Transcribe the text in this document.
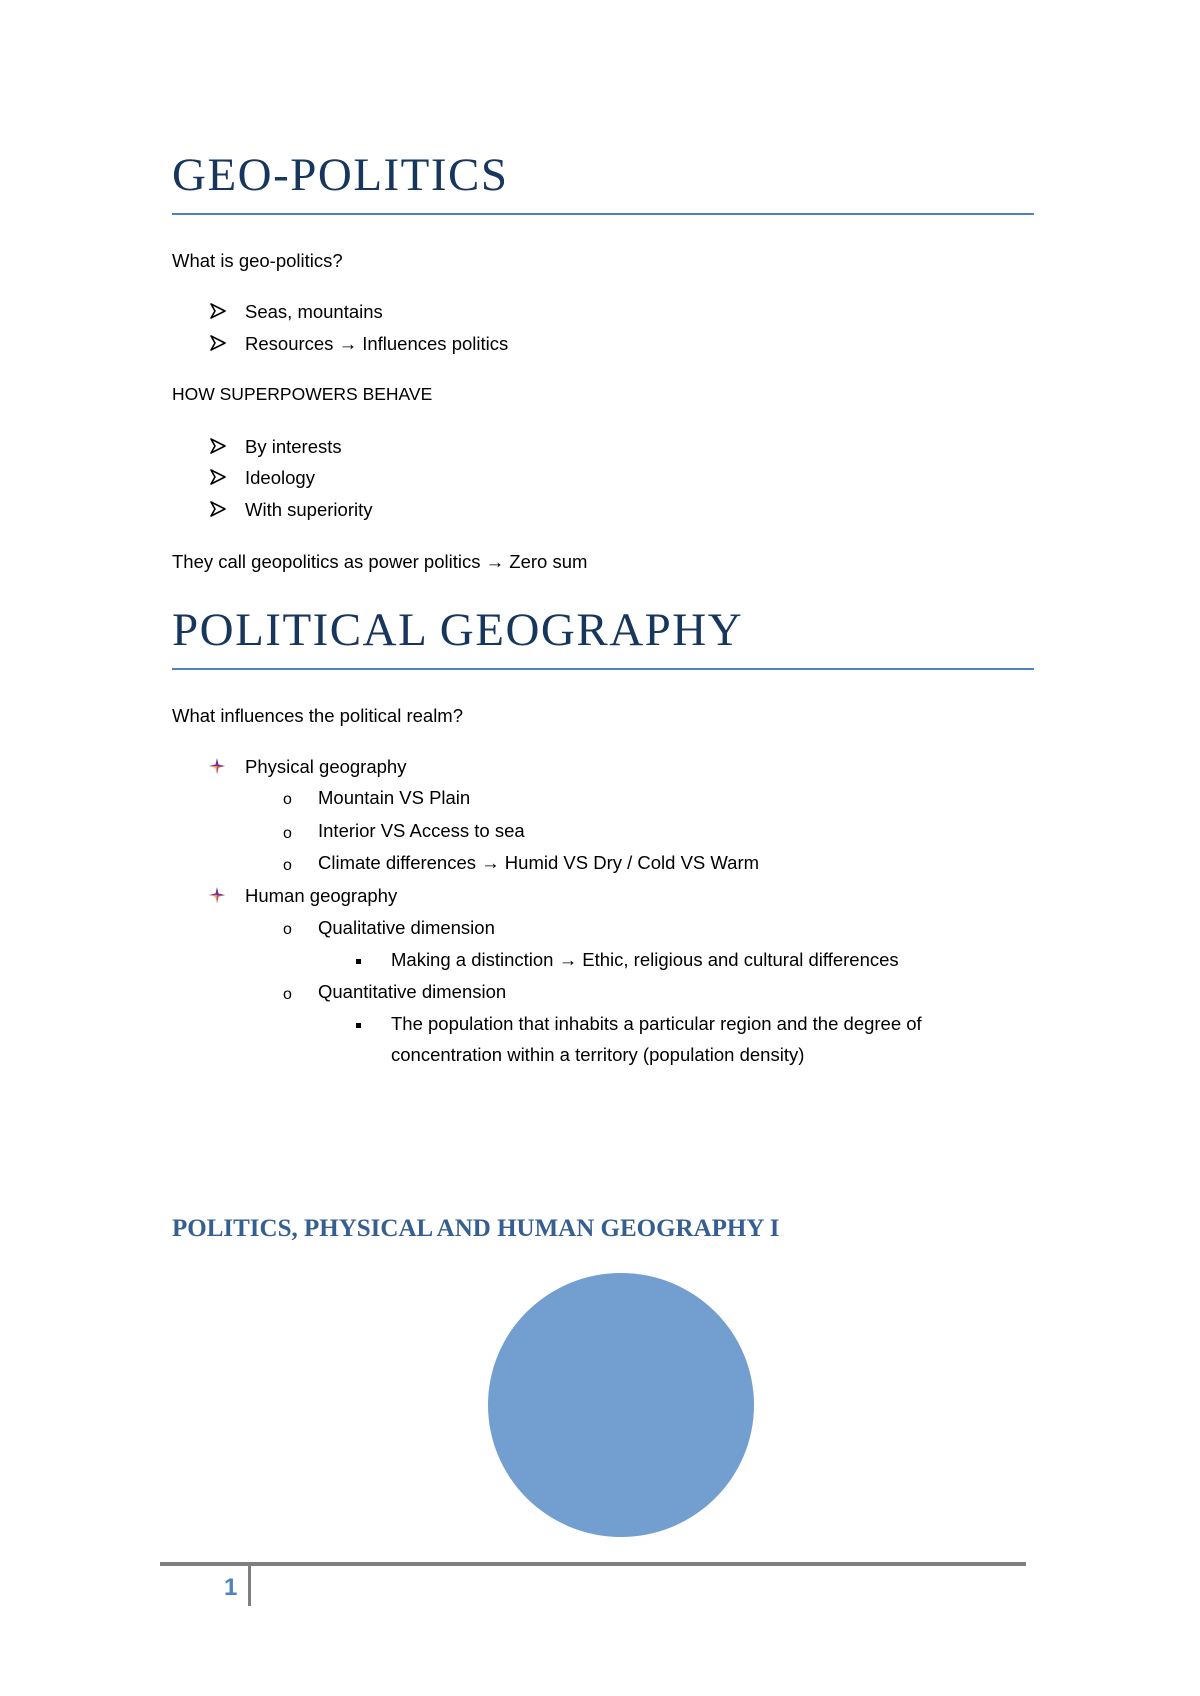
GEO-POLITICS
What is geo-politics?
Seas, mountains
Resources → Influences politics
HOW SUPERPOWERS BEHAVE
By interests
Ideology
With superiority
They call geopolitics as power politics → Zero sum
POLITICAL GEOGRAPHY
What influences the political realm?
Physical geography
o Mountain VS Plain
o Interior VS Access to sea
o Climate differences → Humid VS Dry / Cold VS Warm
Human geography
o Qualitative dimension
Making a distinction → Ethic, religious and cultural differences
o Quantitative dimension
The population that inhabits a particular region and the degree of
concentration within a territory (population density)
POLITICS, PHYSICAL AND HUMAN GEOGRAPHY I
1
